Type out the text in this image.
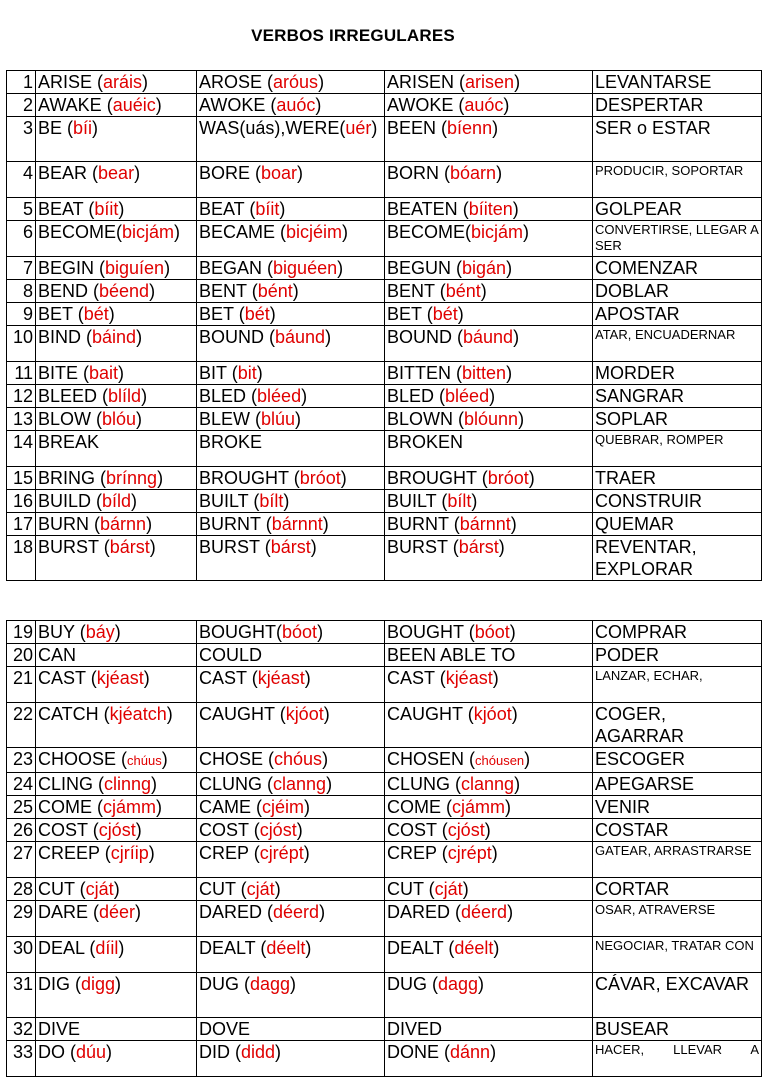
VERBOS IRREGULARES
1	ARISE (aráis)	AROSE (aróus)	ARISEN (arisen)	LEVANTARSE
2	AWAKE (auéic)	AWOKE (auóc)	AWOKE (auóc)	DESPERTAR
3	BE (bíi)	WAS(uás),WERE(uér)	BEEN (bíenn)	SER o ESTAR
4	BEAR (bear)	BORE (boar)	BORN (bóarn)	PRODUCIR, SOPORTAR
5	BEAT (bíit)	BEAT (bíit)	BEATEN (bíiten)	GOLPEAR
6	BECOME(bicjám)	BECAME (bicjéim)	BECOME(bicjám)	CONVERTIRSE, LLEGAR A SER
7	BEGIN (biguíen)	BEGAN (biguéen)	BEGUN (bigán)	COMENZAR
8	BEND (béend)	BENT (bént)	BENT (bént)	DOBLAR
9	BET (bét)	BET (bét)	BET (bét)	APOSTAR
10	BIND (báind)	BOUND (báund)	BOUND (báund)	ATAR, ENCUADERNAR
11	BITE (bait)	BIT (bit)	BITTEN (bitten)	MORDER
12	BLEED (blíld)	BLED (bléed)	BLED (bléed)	SANGRAR
13	BLOW (blóu)	BLEW (blúu)	BLOWN (blóunn)	SOPLAR
14	BREAK	BROKE	BROKEN	QUEBRAR, ROMPER
15	BRING (brínng)	BROUGHT (bróot)	BROUGHT (bróot)	TRAER
16	BUILD (bíld)	BUILT (bílt)	BUILT (bílt)	CONSTRUIR
17	BURN (bárnn)	BURNT (bárnnt)	BURNT (bárnnt)	QUEMAR
18	BURST (bárst)	BURST (bárst)	BURST (bárst)	REVENTAR, EXPLORAR
19	BUY (báy)	BOUGHT(bóot)	BOUGHT (bóot)	COMPRAR
20	CAN	COULD	BEEN ABLE TO	PODER
21	CAST (kjéast)	CAST (kjéast)	CAST (kjéast)	LANZAR, ECHAR,
22	CATCH (kjéatch)	CAUGHT (kjóot)	CAUGHT (kjóot)	COGER, AGARRAR
23	CHOOSE (chúus)	CHOSE (chóus)	CHOSEN (chóusen)	ESCOGER
24	CLING (clinng)	CLUNG (clanng)	CLUNG (clanng)	APEGARSE
25	COME (cjámm)	CAME (cjéim)	COME (cjámm)	VENIR
26	COST (cjóst)	COST (cjóst)	COST (cjóst)	COSTAR
27	CREEP (cjríip)	CREP (cjrépt)	CREP (cjrépt)	GATEAR, ARRASTRARSE
28	CUT (cját)	CUT (cját)	CUT (cját)	CORTAR
29	DARE (déer)	DARED (déerd)	DARED (déerd)	OSAR, ATRAVERSE
30	DEAL (díil)	DEALT (déelt)	DEALT (déelt)	NEGOCIAR, TRATAR CON
31	DIG (digg)	DUG (dagg)	DUG (dagg)	CÁVAR, EXCAVAR
32	DIVE	DOVE	DIVED	BUSEAR
33	DO (dúu)	DID (didd)	DONE (dánn)	HACER, LLEVAR A
